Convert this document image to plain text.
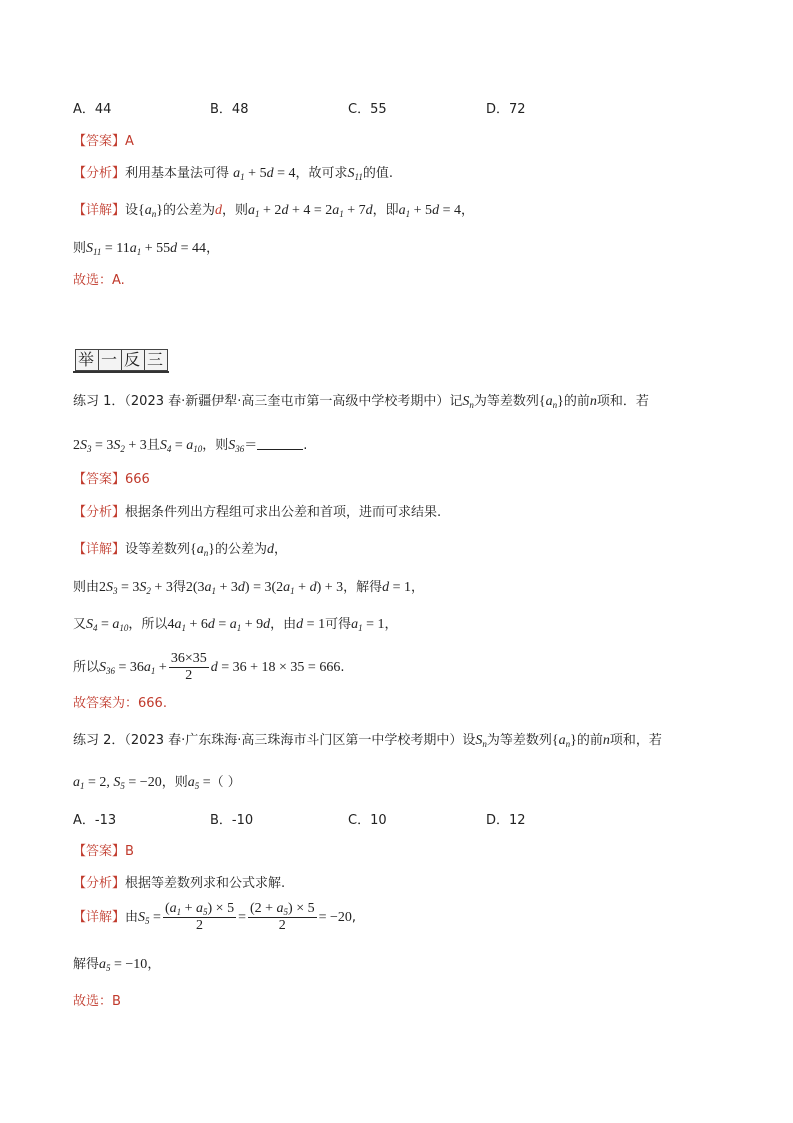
A．44	B．48	C．55	D．72
【答案】A
【分析】利用基本量法可得 $a_1 + 5d = 4$，故可求$S_{11}$的值.
【详解】设$\{a_n\}$的公差为d，则$a_1 + 2d + 4 = 2a_1 + 7d$，即$a_1 + 5d = 4$，
则$S_{11} = 11a_1 + 55d = 44$，
故选：A.
举 一 反 三
练习 1．（2023 春·新疆伊犁·高三奎屯市第一高级中学校考期中）记$S_n$为等差数列$\{a_n\}$的前n项和．若
$2S_3 = 3S_2 + 3$且$S_4 = a_{10}$，则$S_{36}=$	.
【答案】666
【分析】根据条件列出方程组可求出公差和首项，进而可求结果.
【详解】设等差数列$\{a_n\}$的公差为d，
则由$2S_3 = 3S_2 + 3$得$2(3a_1 + 3d) = 3(2a_1 + d) + 3$，解得d = 1，
又$S_4 = a_{10}$，所以$4a_1 + 6d = a_1 + 9d$，由d = 1可得$a_1 = 1$，
所以$S_{36} = 36a_1 + \frac{36\times 35}{2}$ d = 36 + 18 × 35 = 666.
故答案为：666.
练习 2．（2023 春·广东珠海·高三珠海市斗门区第一中学校考期中）设$S_n$为等差数列$\{a_n\}$的前n项和，若
$a_1 = 2$, $S_5 = -20$，则$a_5$ =（ ）
A．-13	B．-10	C．10	D．12
【答案】B
【分析】根据等差数列求和公式求解.
【详解】由$S_5 = \frac{(a_1 + a_5) \times 5}{2} = \frac{(2 + a_5) \times 5}{2} = -20$,
解得$a_5 = -10$，
故选：B
